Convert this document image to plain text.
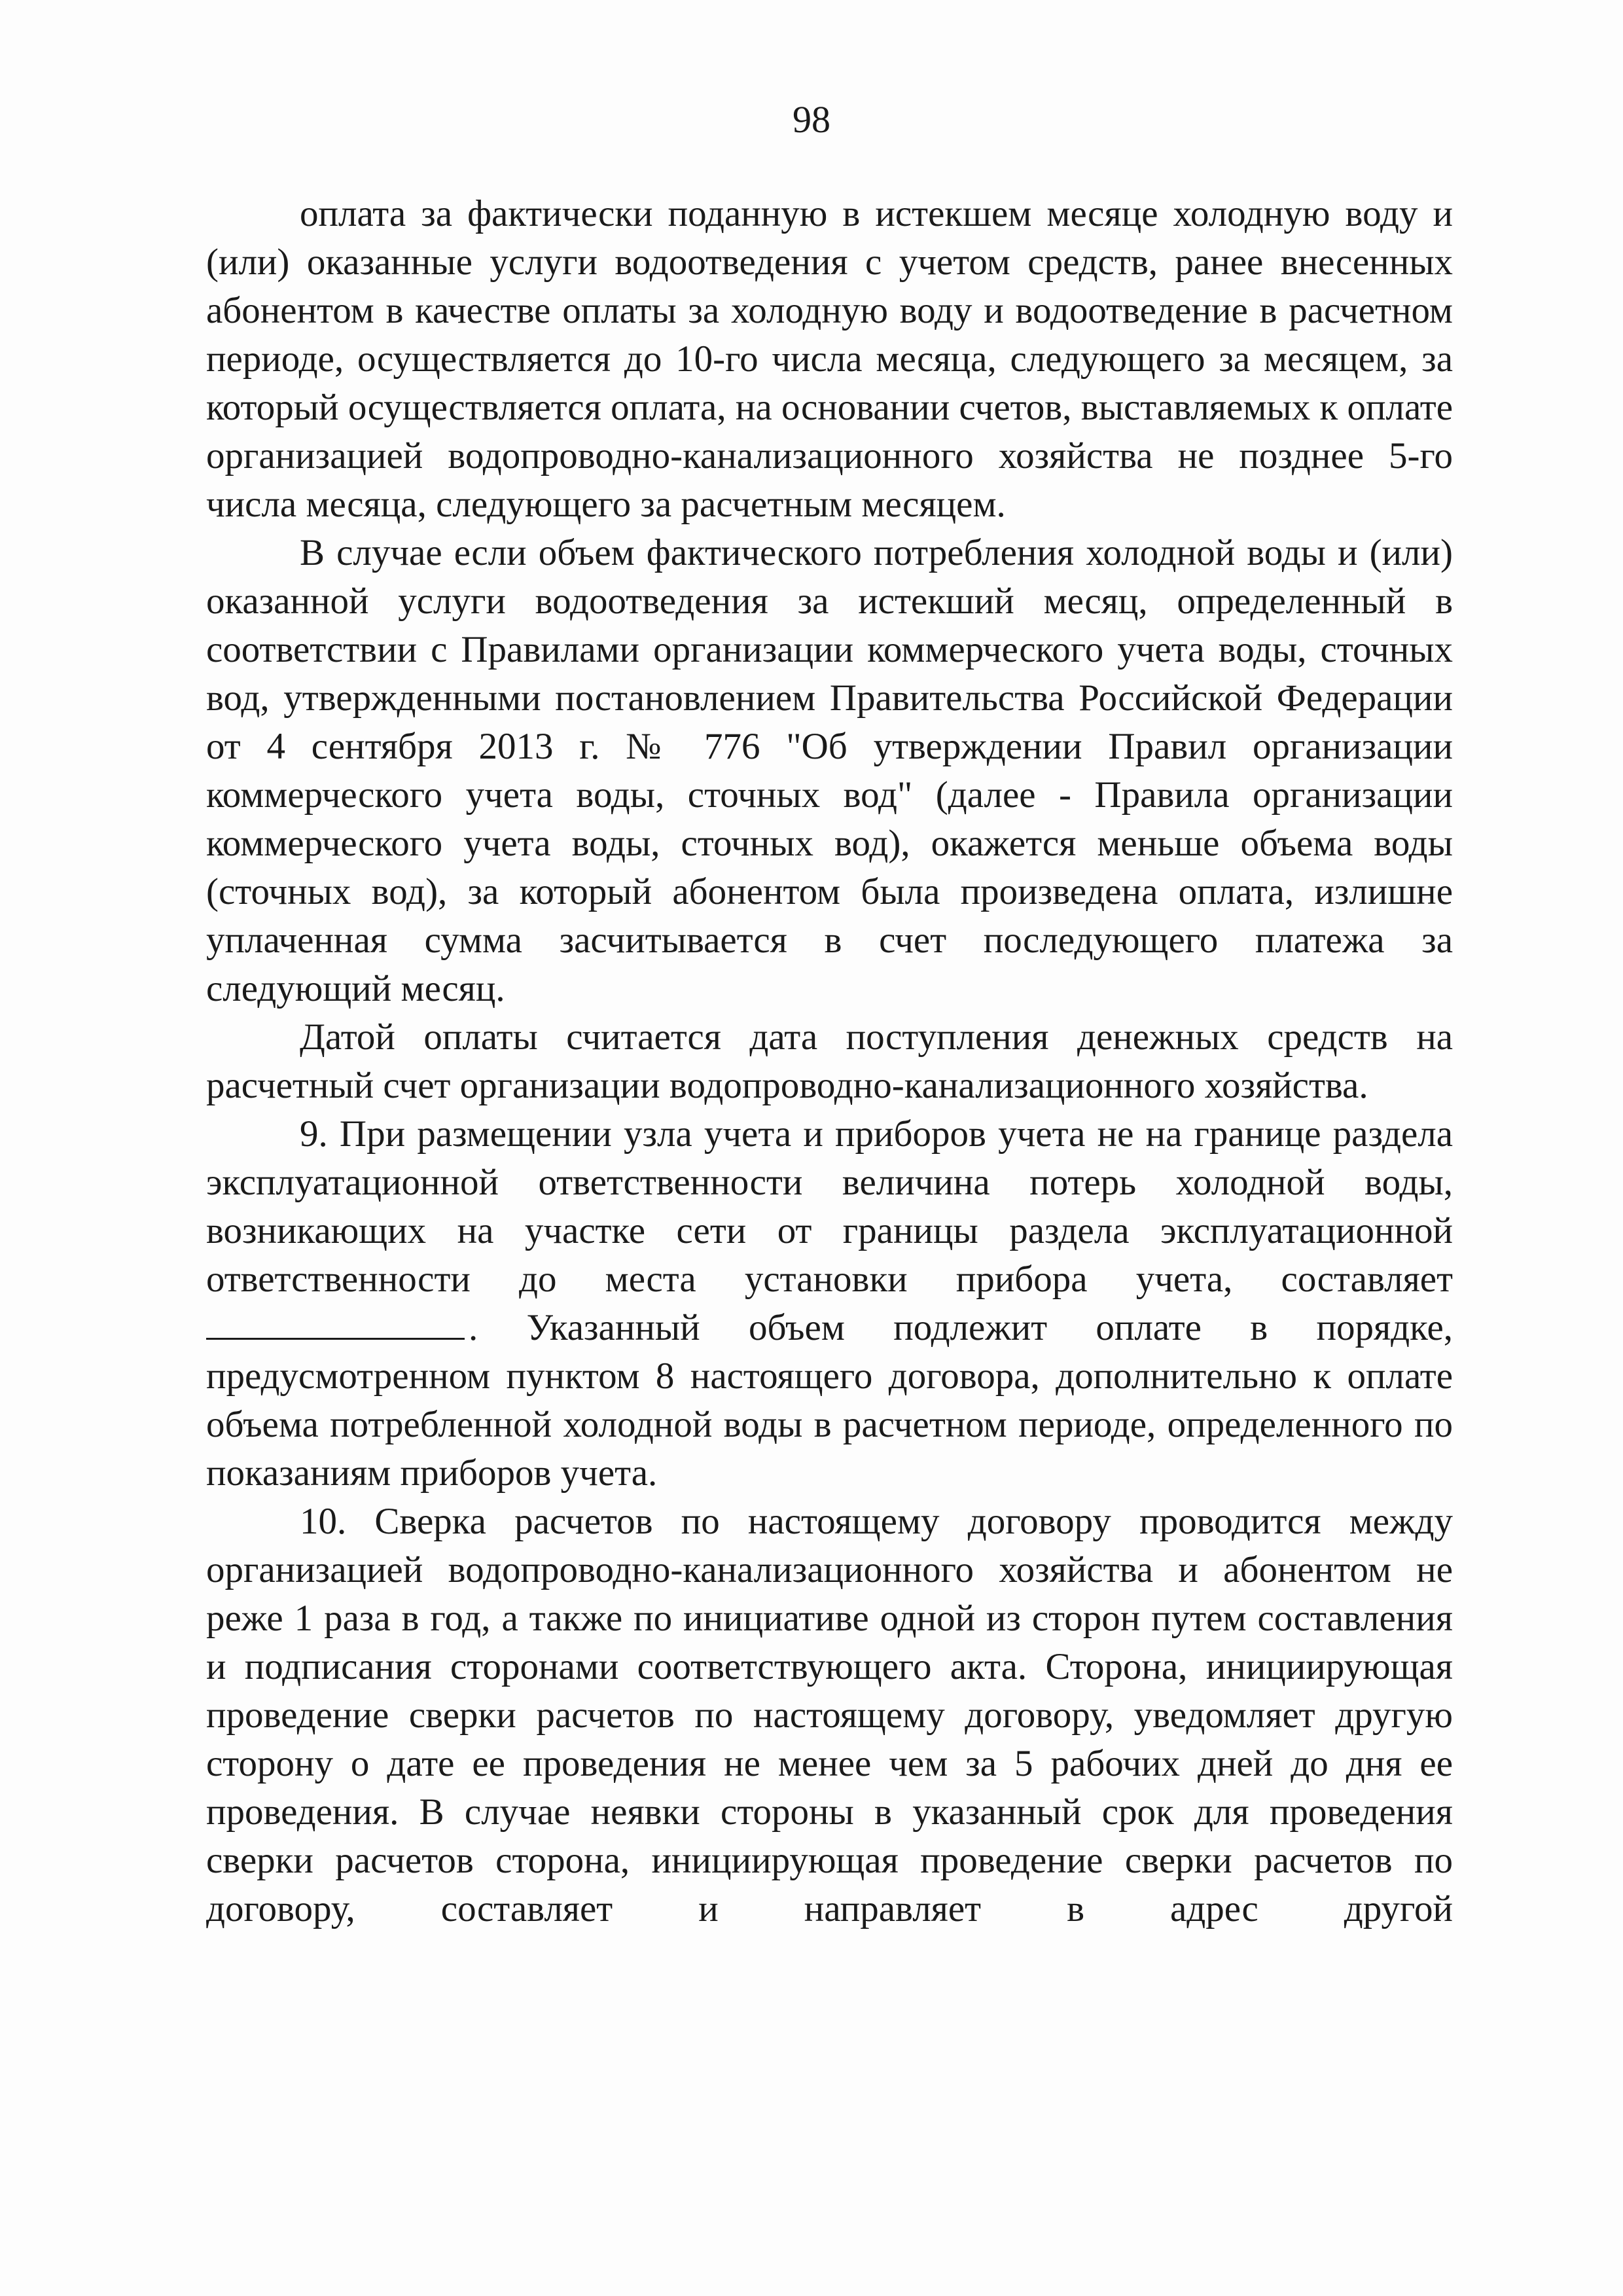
98

оплата за фактически поданную в истекшем месяце холодную воду и (или) оказанные услуги водоотведения с учетом средств, ранее внесенных абонентом в качестве оплаты за холодную воду и водоотведение в расчетном периоде, осуществляется до 10-го числа месяца, следующего за месяцем, за который осуществляется оплата, на основании счетов, выставляемых к оплате организацией водопроводно-канализационного хозяйства не позднее 5-го числа месяца, следующего за расчетным месяцем.

В случае если объем фактического потребления холодной воды и (или) оказанной услуги водоотведения за истекший месяц, определенный в соответствии с Правилами организации коммерческого учета воды, сточных вод, утвержденными постановлением Правительства Российской Федерации от 4 сентября 2013 г. № 776 "Об утверждении Правил организации коммерческого учета воды, сточных вод" (далее - Правила организации коммерческого учета воды, сточных вод), окажется меньше объема воды (сточных вод), за который абонентом была произведена оплата, излишне уплаченная сумма засчитывается в счет последующего платежа за следующий месяц.

Датой оплаты считается дата поступления денежных средств на расчетный счет организации водопроводно-канализационного хозяйства.

9. При размещении узла учета и приборов учета не на границе раздела эксплуатационной ответственности величина потерь холодной воды, возникающих на участке сети от границы раздела эксплуатационной ответственности до места установки прибора учета, составляет . Указанный объем подлежит оплате в порядке, предусмотренном пунктом 8 настоящего договора, дополнительно к оплате объема потребленной холодной воды в расчетном периоде, определенного по показаниям приборов учета.

10. Сверка расчетов по настоящему договору проводится между организацией водопроводно-канализационного хозяйства и абонентом не реже 1 раза в год, а также по инициативе одной из сторон путем составления и подписания сторонами соответствующего акта. Сторона, инициирующая проведение сверки расчетов по настоящему договору, уведомляет другую сторону о дате ее проведения не менее чем за 5 рабочих дней до дня ее проведения. В случае неявки стороны в указанный срок для проведения сверки расчетов сторона, инициирующая проведение сверки расчетов по договору, составляет и направляет в адрес другой
